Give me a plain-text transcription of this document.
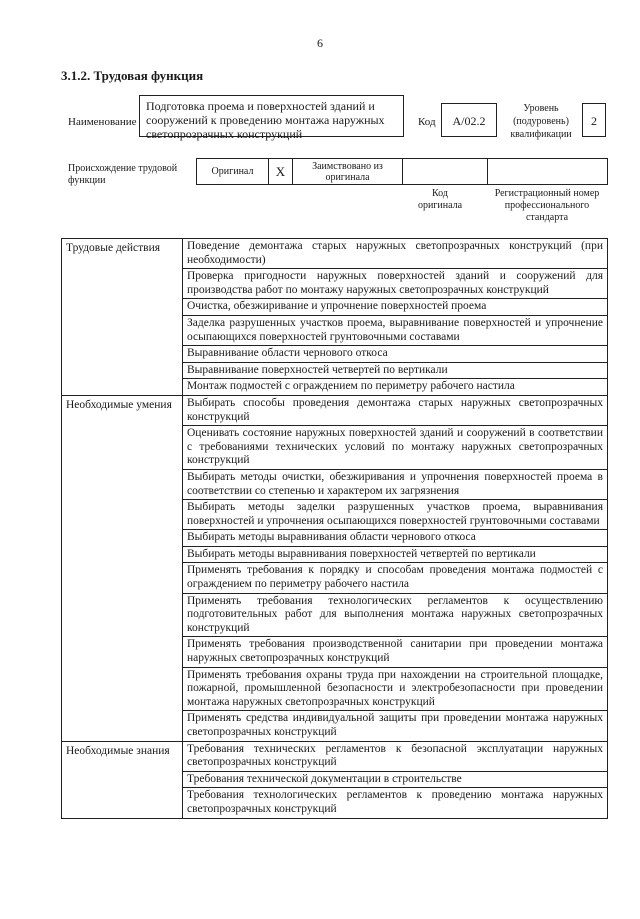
6
3.1.2. Трудовая функция
Наименование
Подготовка проема и поверхностей зданий и сооружений к проведению монтажа наружных светопрозрачных конструкций
Код	A/02.2
Уровень (подуровень) квалификации
2
Происхождение трудовой функции
Оригинал	X	Заимствовано из оригинала
Код оригинала
Регистрационный номер профессионального стандарта
Трудовые действия	Поведение демонтажа старых наружных светопрозрачных конструкций (при необходимости)
	Проверка пригодности наружных поверхностей зданий и сооружений для производства работ по монтажу наружных светопрозрачных конструкций
	Очистка, обезжиривание и упрочнение поверхностей проема
	Заделка разрушенных участков проема, выравнивание поверхностей и упрочнение осыпающихся поверхностей грунтовочными составами
	Выравнивание области чернового откоса
	Выравнивание поверхностей четвертей по вертикали
	Монтаж подмостей с ограждением по периметру рабочего настила
Необходимые умения	Выбирать способы проведения демонтажа старых наружных светопрозрачных конструкций
	Оценивать состояние наружных поверхностей зданий и сооружений в соответствии с требованиями технических условий по монтажу наружных светопрозрачных конструкций
	Выбирать методы очистки, обезжиривания и упрочнения поверхностей проема в соответствии со степенью и характером их загрязнения
	Выбирать методы заделки разрушенных участков проема, выравнивания поверхностей и упрочнения осыпающихся поверхностей грунтовочными составами
	Выбирать методы выравнивания области чернового откоса
	Выбирать методы выравнивания поверхностей четвертей по вертикали
	Применять требования к порядку и способам проведения монтажа подмостей с ограждением по периметру рабочего настила
	Применять требования технологических регламентов к осуществлению подготовительных работ для выполнения монтажа наружных светопрозрачных конструкций
	Применять требования производственной санитарии при проведении монтажа наружных светопрозрачных конструкций
	Применять требования охраны труда при нахождении на строительной площадке, пожарной, промышленной безопасности и электробезопасности при проведении монтажа наружных светопрозрачных конструкций
	Применять средства индивидуальной защиты при проведении монтажа наружных светопрозрачных конструкций
Необходимые знания	Требования технических регламентов к безопасной эксплуатации наружных светопрозрачных конструкций
	Требования технической документации в строительстве
	Требования технологических регламентов к проведению монтажа наружных светопрозрачных конструкций
